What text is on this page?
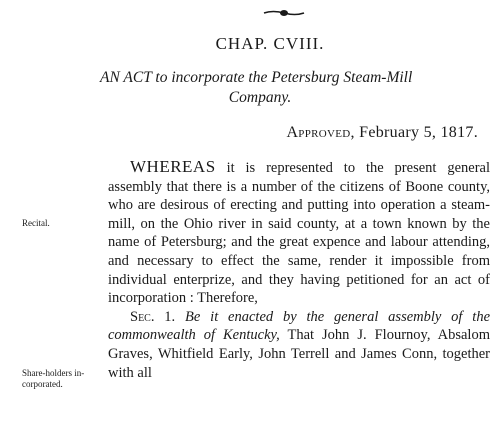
CHAP. CVIII.
AN ACT to incorporate the Petersburg Steam-Mill
Company.
Approved, February 5, 1817.
Recital.
Share-holders in-corporated.

WHEREAS it is represented to the present general assembly that there is a number of the citizens of Boone county, who are desirous of erecting and putting into operation a steam-mill, on the Ohio river in said county, at a town known by the name of Petersburg; and the great expence and labour attending, and necessary to effect the same, render it impossible from individual enterprize, and they having petitioned for an act of incorporation : Therefore,

Sec. 1. Be it enacted by the general assembly of the commonwealth of Kentucky, That John J. Flournoy, Absalom Graves, Whitfield Early, John Terrell and James Conn, together with all
